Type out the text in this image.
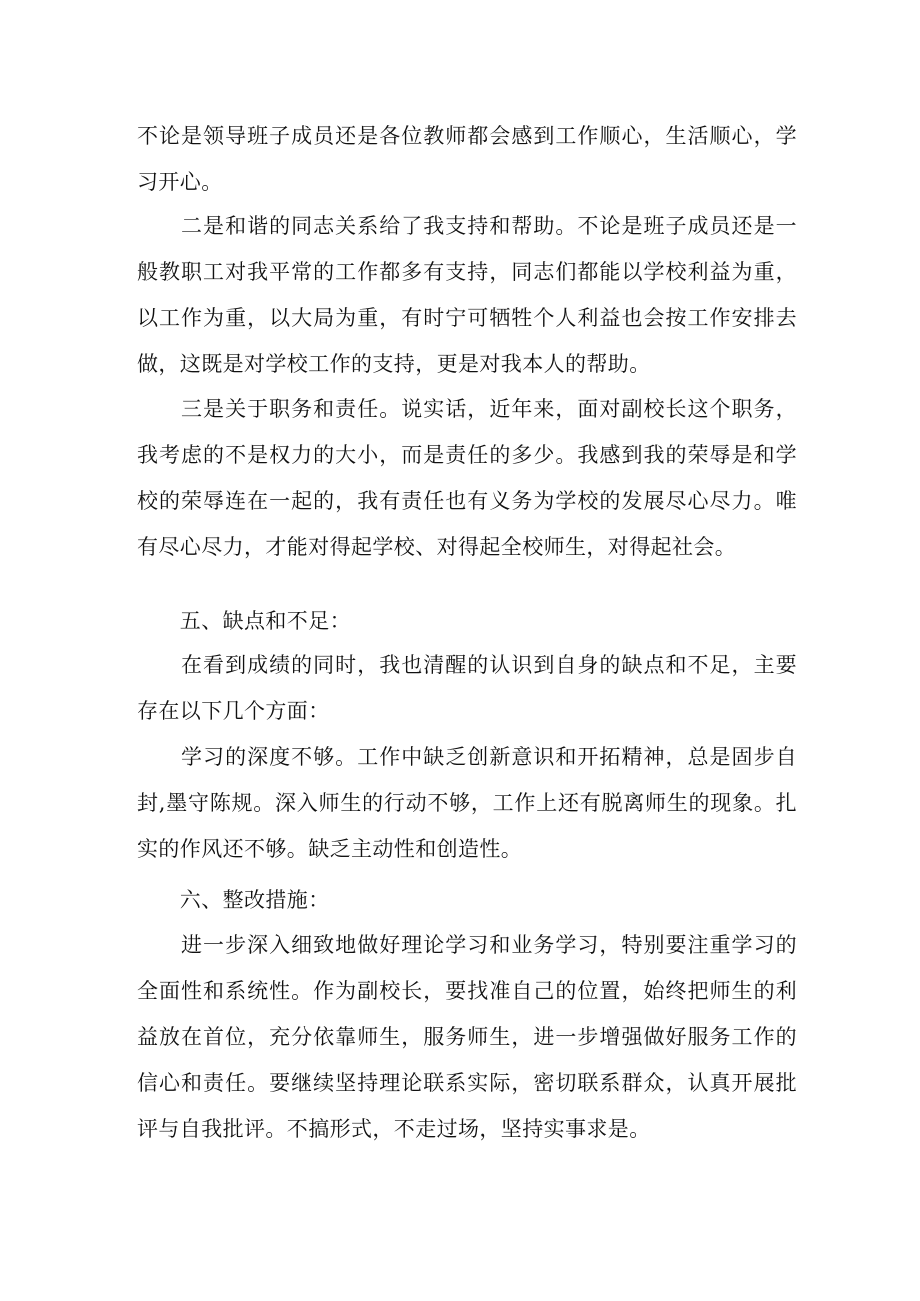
不论是领导班子成员还是各位教师都会感到工作顺心，生活顺心，学习开心。

　　二是和谐的同志关系给了我支持和帮助。不论是班子成员还是一般教职工对我平常的工作都多有支持，同志们都能以学校利益为重，以工作为重，以大局为重，有时宁可牺牲个人利益也会按工作安排去做，这既是对学校工作的支持，更是对我本人的帮助。

　　三是关于职务和责任。说实话，近年来，面对副校长这个职务，我考虑的不是权力的大小，而是责任的多少。我感到我的荣辱是和学校的荣辱连在一起的，我有责任也有义务为学校的发展尽心尽力。唯有尽心尽力，才能对得起学校、对得起全校师生，对得起社会。

　　五、缺点和不足：

　　在看到成绩的同时，我也清醒的认识到自身的缺点和不足，主要存在以下几个方面：

　　学习的深度不够。工作中缺乏创新意识和开拓精神，总是固步自封,墨守陈规。深入师生的行动不够，工作上还有脱离师生的现象。扎实的作风还不够。缺乏主动性和创造性。

　　六、整改措施：

　　进一步深入细致地做好理论学习和业务学习，特别要注重学习的全面性和系统性。作为副校长，要找准自己的位置，始终把师生的利益放在首位，充分依靠师生，服务师生，进一步增强做好服务工作的信心和责任。要继续坚持理论联系实际，密切联系群众，认真开展批评与自我批评。不搞形式，不走过场，坚持实事求是。
